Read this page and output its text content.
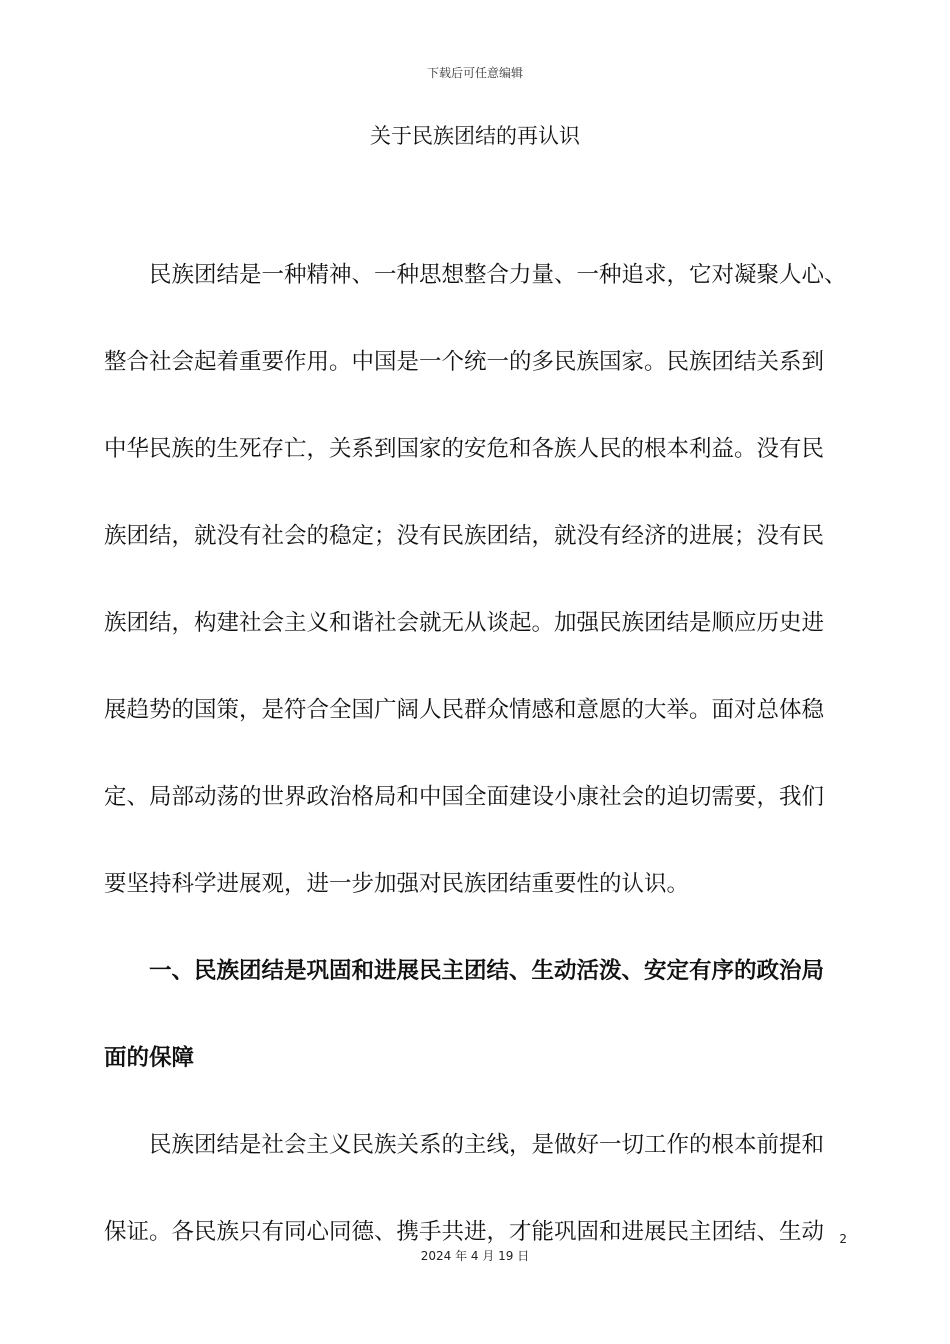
下载后可任意编辑
关于民族团结的再认识

民族团结是一种精神、一种思想整合力量、一种追求，它对凝聚人心、
整合社会起着重要作用。中国是一个统一的多民族国家。民族团结关系到
中华民族的生死存亡，关系到国家的安危和各族人民的根本利益。没有民
族团结，就没有社会的稳定；没有民族团结，就没有经济的进展；没有民
族团结，构建社会主义和谐社会就无从谈起。加强民族团结是顺应历史进
展趋势的国策，是符合全国广阔人民群众情感和意愿的大举。面对总体稳
定、局部动荡的世界政治格局和中国全面建设小康社会的迫切需要，我们
要坚持科学进展观，进一步加强对民族团结重要性的认识。

一、民族团结是巩固和进展民主团结、生动活泼、安定有序的政治局
面的保障

民族团结是社会主义民族关系的主线，是做好一切工作的根本前提和
保证。各民族只有同心同德、携手共进，才能巩固和进展民主团结、生动	2
2024 年 4 月 19 日
